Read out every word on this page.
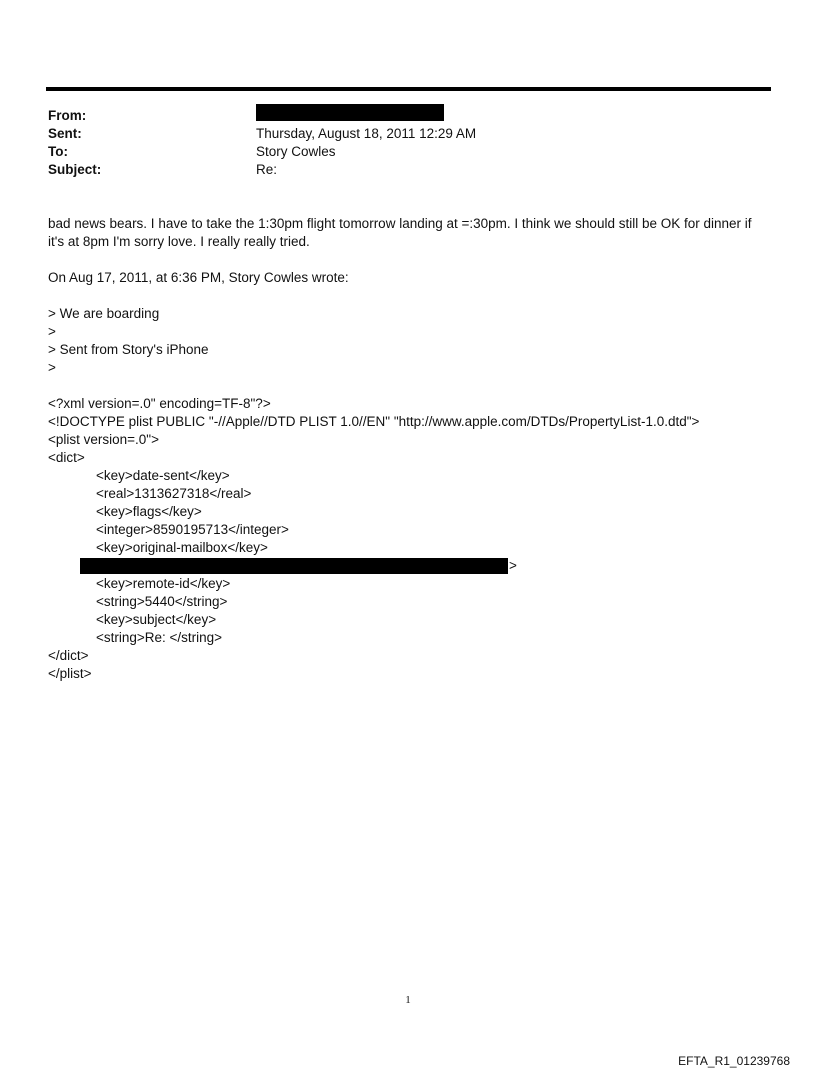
From:
Sent:	Thursday, August 18, 2011 12:29 AM
To:	Story Cowles
Subject:	Re:
bad news bears. I have to take the 1:30pm flight tomorrow landing at =:30pm. I think we should still be OK for dinner if
it's at 8pm I'm sorry love. I really really tried.
On Aug 17, 2011, at 6:36 PM, Story Cowles wrote:
> We are boarding
>
> Sent from Story's iPhone
>
<?xml version=.0" encoding=TF-8"?>
<!DOCTYPE plist PUBLIC "-//Apple//DTD PLIST 1.0//EN" "http://www.apple.com/DTDs/PropertyList-1.0.dtd">
<plist version=.0">
<dict>
<key>date-sent</key>
<real>1313627318</real>
<key>flags</key>
<integer>8590195713</integer>
<key>original-mailbox</key>
>
<key>remote-id</key>
<string>5440</string>
<key>subject</key>
<string>Re: </string>
</dict>
</plist>
1
EFTA_R1_01239768
